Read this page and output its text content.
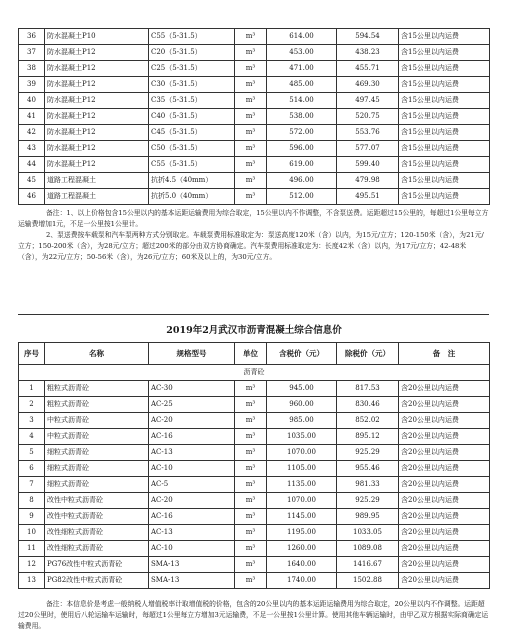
36	防水混凝土P10	C55（5-31.5）	m³	614.00	594.54	含15公里以内运费
37	防水混凝土P12	C20（5-31.5）	m³	453.00	438.23	含15公里以内运费
38	防水混凝土P12	C25（5-31.5）	m³	471.00	455.71	含15公里以内运费
39	防水混凝土P12	C30（5-31.5）	m³	485.00	469.30	含15公里以内运费
40	防水混凝土P12	C35（5-31.5）	m³	514.00	497.45	含15公里以内运费
41	防水混凝土P12	C40（5-31.5）	m³	538.00	520.75	含15公里以内运费
42	防水混凝土P12	C45（5-31.5）	m³	572.00	553.76	含15公里以内运费
43	防水混凝土P12	C50（5-31.5）	m³	596.00	577.07	含15公里以内运费
44	防水混凝土P12	C55（5-31.5）	m³	619.00	599.40	含15公里以内运费
45	道路工程混凝土	抗折4.5（40mm）	m³	496.00	479.98	含15公里以内运费
46	道路工程混凝土	抗折5.0（40mm）	m³	512.00	495.51	含15公里以内运费
备注：1、以上价格包含15公里以内的基本运距运输费用为综合取定，15公里以内不作调整，不含泵送费。运距超过15公里的，每超过1公里每立方运输费增加1元，不足一公里按1公里计。
2、泵送费按车载泵和汽车泵两种方式分别取定。车载泵费用标准取定为：泵送高度120米（含）以内，为15元/立方；120-150米（含），为21元/立方；150-200米（含），为28元/立方；超过200米的部分由双方协商确定。汽车泵费用标准取定为：长度42米（含）以内，为17元/立方；42-48米（含），为22元/立方；50-56米（含），为26元/立方；60米及以上的，为30元/立方。
2019年2月武汉市沥青混凝土综合信息价						
序号	名称	规格型号	单位	含税价（元）	除税价（元）	备　注
沥青砼						
1	粗粒式沥青砼	AC-30	m³	945.00	817.53	含20公里以内运费
2	粗粒式沥青砼	AC-25	m³	960.00	830.46	含20公里以内运费
3	中粒式沥青砼	AC-20	m³	985.00	852.02	含20公里以内运费
4	中粒式沥青砼	AC-16	m³	1035.00	895.12	含20公里以内运费
5	细粒式沥青砼	AC-13	m³	1070.00	925.29	含20公里以内运费
6	细粒式沥青砼	AC-10	m³	1105.00	955.46	含20公里以内运费
7	细粒式沥青砼	AC-5	m³	1135.00	981.33	含20公里以内运费
8	改性中粒式沥青砼	AC-20	m³	1070.00	925.29	含20公里以内运费
9	改性中粒式沥青砼	AC-16	m³	1145.00	989.95	含20公里以内运费
10	改性细粒式沥青砼	AC-13	m³	1195.00	1033.05	含20公里以内运费
11	改性细粒式沥青砼	AC-10	m³	1260.00	1089.08	含20公里以内运费
12	PG76改性中粒式沥青砼	SMA-13	m³	1640.00	1416.67	含20公里以内运费
13	PG82改性中粒式沥青砼	SMA-13	m³	1740.00	1502.88	含20公里以内运费
备注：本信息价是考虑一般纳税人增值税率计取增值税的价格，包含的20公里以内的基本运距运输费用为综合取定，20公里以内不作调整。运距超过20公里时，使用后八轮运输车运输时，每超过1公里每立方增加3元运输费，不足一公里按1公里计算。使用其他车辆运输时，由甲乙双方根据实际商确定运输费用。
